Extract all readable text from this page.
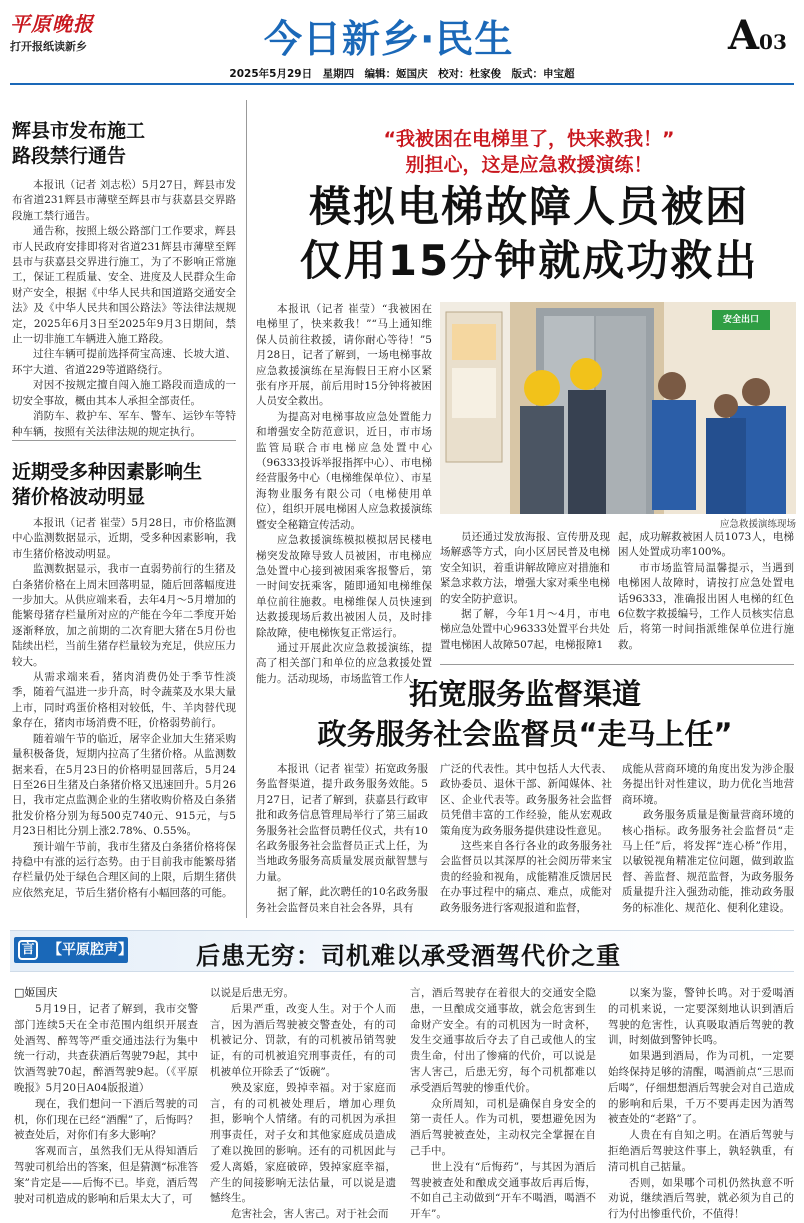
平原晚报
打开报纸读新乡	今日新乡·民生	A03
2025年5月29日　星期四　编辑：姬国庆　校对：杜家俊　版式：申宝超
辉县市发布施工路段禁行通告

本报讯（记者 刘志松）5月27日，辉县市发布省道231辉县市薄壁至辉县市与获嘉县交界路段施工禁行通告。

通告称，按照上级公路部门工作要求，辉县市人民政府安排即将对省道231辉县市薄壁至辉县市与获嘉县交界进行施工，为了不影响正常施工，保证工程质量、安全、进度及人民群众生命财产安全，根据《中华人民共和国道路交通安全法》及《中华人民共和国公路法》等法律法规规定，2025年6月3日至2025年9月3日期间，禁止一切非施工车辆进入施工路段。

过往车辆可提前选择荷宝高速、长坡大道、环宇大道、省道229等道路绕行。

对因不按规定擅自闯入施工路段而造成的一切安全事故，概由其本人承担全部责任。

消防车、救护车、军车、警车、运钞车等特种车辆，按照有关法律法规的规定执行。

近期受多种因素影响生猪价格波动明显

本报讯（记者 崔莹）5月28日，市价格监测中心监测数据显示，近期，受多种因素影响，我市生猪价格波动明显。

监测数据显示，我市一直弱势前行的生猪及白条猪价格在上周末回落明显，随后回落幅度进一步加大。从供应端来看，去年4月～5月增加的能繁母猪存栏量所对应的产能在今年二季度开始逐渐释放，加之前期的二次育肥大猪在5月份也陆续出栏，当前生猪存栏量较为充足，供应压力较大。

从需求端来看，猪肉消费仍处于季节性淡季，随着气温进一步升高，时令蔬菜及水果大量上市，同时鸡蛋价格相对较低，牛、羊肉替代现象存在，猪肉市场消费不旺，价格弱势前行。

随着端午节的临近，屠宰企业加大生猪采购量积极备货，短期内拉高了生猪价格。从监测数据来看，在5月23日的价格明显回落后，5月24日至26日生猪及白条猪价格又迅速回升。5月26日，我市定点监测企业的生猪收购价格及白条猪批发价格分别为每500克740元、915元，与5月23日相比分别上涨2.78%、0.55%。

预计端午节前，我市生猪及白条猪价格将保持稳中有涨的运行态势。由于目前我市能繁母猪存栏量仍处于绿色合理区间的上限，后期生猪供应依然充足，节后生猪价格有小幅回落的可能。

“我被困在电梯里了，快来救我！”
别担心，这是应急救援演练！
模拟电梯故障人员被困
仅用15分钟就成功救出

本报讯（记者 崔莹）“我被困在电梯里了，快来救我！”“马上通知维保人员前往救援，请你耐心等待！”5月28日，记者了解到，一场电梯事故应急救援演练在星海假日王府小区紧张有序开展，前后用时15分钟将被困人员安全救出。

为提高对电梯事故应急处置能力和增强安全防范意识，近日，市市场监管局联合市电梯应急处置中心（96333投诉举报指挥中心）、市电梯经营服务中心（电梯维保单位）、市星海物业服务有限公司（电梯使用单位），组织开展电梯困人应急救援演练暨安全秘籍宣传活动。

应急救援演练模拟模拟居民楼电梯突发故障导致人员被困，市电梯应急处置中心接到被困乘客报警后，第一时间安抚乘客，随即通知电梯维保单位前往施救。电梯维保人员快速到达救援现场后救出被困人员，及时排除故障，使电梯恢复正常运行。

通过开展此次应急救援演练，提高了相关部门和单位的应急救援处置能力。活动现场，市场监管工作人

安全出口
应急救援演练现场

员还通过发放海报、宣传册及现场解惑等方式，向小区居民普及电梯安全知识，着重讲解故障应对措施和紧急求救方法，增强大家对乘坐电梯的安全防护意识。

据了解，今年1月～4月，市电梯应急处置中心96333处置平台共处置电梯困人故障507起，电梯报障1

起，成功解救被困人员1073人，电梯困人处置成功率100%。

市市场监管局温馨提示，当遇到电梯困人故障时，请按打应急处置电话96333，准确报出困人电梯的红色6位数字救援编号，工作人员核实信息后，将第一时间指派维保单位进行施救。

拓宽服务监督渠道
政务服务社会监督员“走马上任”

本报讯（记者 崔莹）拓宽政务服务监督渠道，提升政务服务效能。5月27日，记者了解到，获嘉县行政审批和政务信息管理局举行了第三届政务服务社会监督员聘任仪式，共有10名政务服务社会监督员正式上任，为当地政务服务高质量发展贡献智慧与力量。

据了解，此次聘任的10名政务服务社会监督员来自社会各界，具有

广泛的代表性。其中包括人大代表、政协委员、退休干部、新闻媒体、社区、企业代表等。政务服务社会监督员凭借丰富的工作经验，能从宏观政策角度为政务服务提供建设性意见。

这些来自各行各业的政务服务社会监督员以其深厚的社会阅历带来宝贵的经验和视角，成能精准反馈居民在办事过程中的痛点、难点，成能对政务服务进行客观报道和监督，

成能从营商环境的角度出发为涉企服务提出针对性建议，助力优化当地营商环境。

政务服务质量是衡量营商环境的核心指标。政务服务社会监督员“走马上任”后，将发挥“连心桥”作用，以敏锐视角精准定位问题，做到敢监督、善监督、规范监督，为政务服务质量提升注入强劲动能，推动政务服务的标准化、规范化、便利化建设。

【平原腔声】
言	后患无穷：司机难以承受酒驾代价之重
□姬国庆

5月19日，记者了解到，我市交警部门连续5天在全市范围内组织开展查处酒驾、醉驾等严重交通违法行为集中统一行动，共查获酒后驾驶79起，其中饮酒驾驶70起，醉酒驾驶9起。（《平原晚报》5月20日A04版报道）

现在，我们想问一下酒后驾驶的司机，你们现在已经“酒醒”了，后悔吗？被查处后，对你们有多大影响？

客观而言，虽然我们无从得知酒后驾驶司机给出的答案，但是猜测“标准答案”肯定是——后悔不已。毕竟，酒后驾驶对司机造成的影响和后果太大了，可

以说是后患无穷。

后果严重，改变人生。对于个人而言，因为酒后驾驶被交警查处，有的司机被记分、罚款，有的司机被吊销驾驶证，有的司机被追究刑事责任，有的司机被单位开除丢了“饭碗”。

殃及家庭，毁掉幸福。对于家庭而言，有的司机被处理后，增加心理负担，影响个人情绪。有的司机因为承担刑事责任，对子女和其他家庭成员造成了难以挽回的影响。还有的司机因此与爱人离婚，家庭破碎，毁掉家庭幸福，产生的间接影响无法估量，可以说是遗憾终生。

危害社会，害人害己。对于社会而

言，酒后驾驶存在着很大的交通安全隐患，一旦酿成交通事故，就会危害到生命财产安全。有的司机因为一时贪杯，发生交通事故后夺去了自己或他人的宝贵生命，付出了惨痛的代价，可以说是害人害己，后患无穷，每个司机都难以承受酒后驾驶的惨重代价。

众所周知，司机是确保自身安全的第一责任人。作为司机，要想避免因为酒后驾驶被查处，主动权完全掌握在自己手中。

世上没有“后悔药”，与其因为酒后驾驶被查处和酿成交通事故后再后悔，不如自己主动做到“开车不喝酒，喝酒不开车”。

以案为鉴，警钟长鸣。对于爱喝酒的司机来说，一定要深刻地认识到酒后驾驶的危害性，认真吸取酒后驾驶的教训，时刻做到警钟长鸣。

如果遇到酒局，作为司机，一定要始终保持足够的清醒，喝酒前点“三思而后喝”，仔细想想酒后驾驶会对自己造成的影响和后果，千万不要再走因为酒驾被查处的“老路”了。

人贵在有自知之明。在酒后驾驶与拒绝酒后驾驶这件事上，孰轻孰重，有清司机自己掂量。

否则，如果哪个司机仍然执意不听劝说，继续酒后驾驶，就必须为自己的行为付出惨重代价，不值得！
